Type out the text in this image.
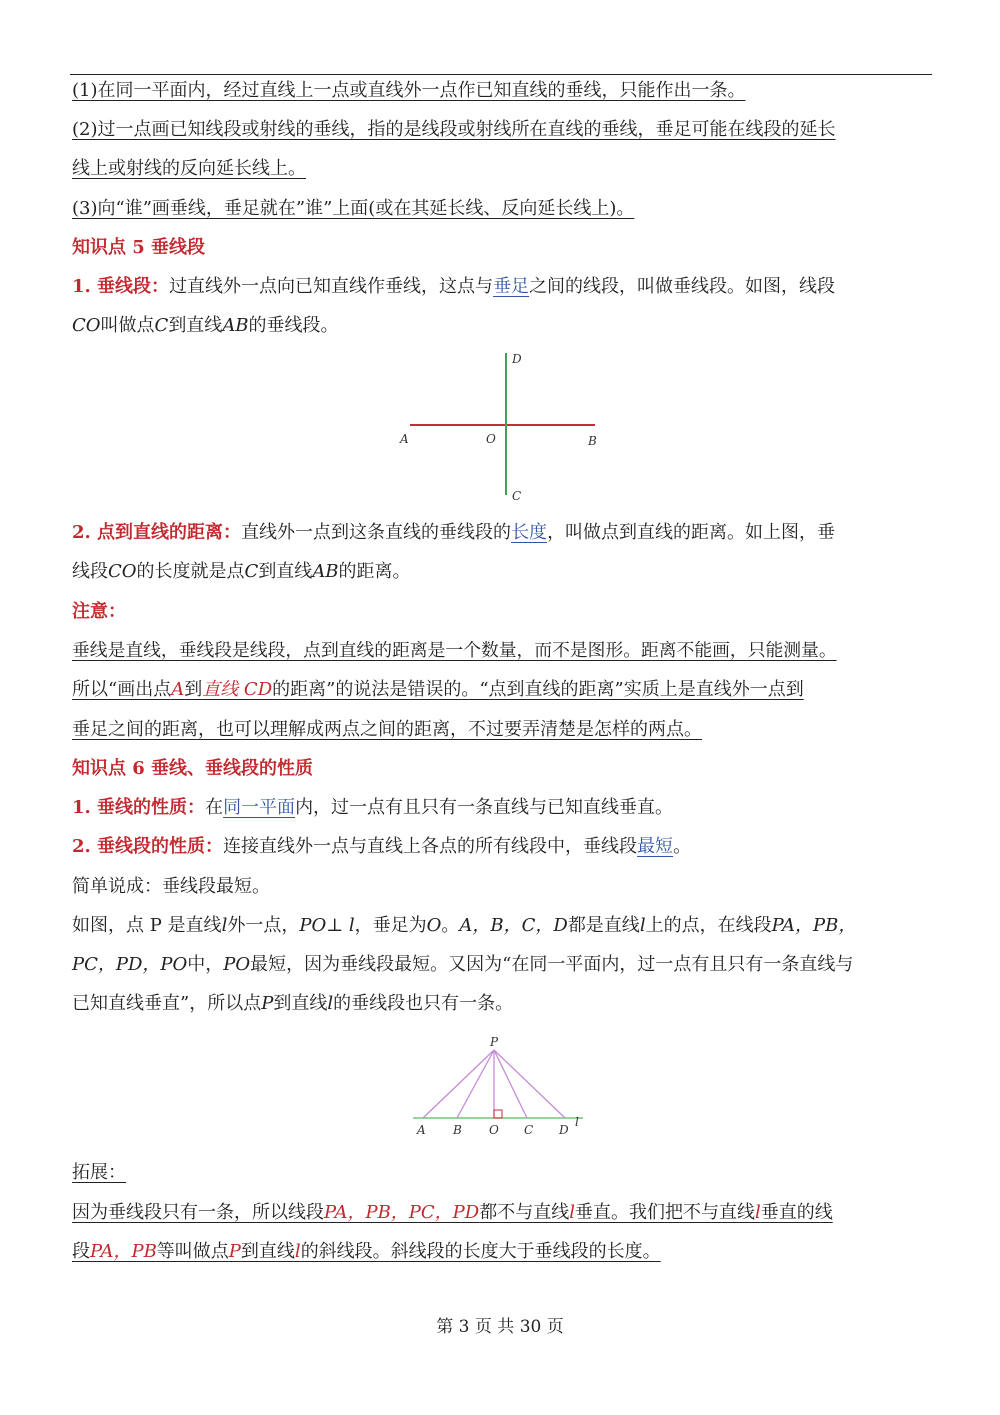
(1)在同一平面内，经过直线上一点或直线外一点作已知直线的垂线，只能作出一条。
(2)过一点画已知线段或射线的垂线，指的是线段或射线所在直线的垂线，垂足可能在线段的延长
线上或射线的反向延长线上。
(3)向“谁”画垂线，垂足就在”谁”上面(或在其延长线、反向延长线上)。
知识点 5 垂线段
1. 垂线段：过直线外一点向已知直线作垂线，这点与垂足之间的线段，叫做垂线段。如图，线段
CO叫做点C到直线AB的垂线段。
D
A	O	B
C
2. 点到直线的距离：直线外一点到这条直线的垂线段的长度，叫做点到直线的距离。如上图，垂
线段CO的长度就是点C到直线AB的距离。
注意：
垂线是直线，垂线段是线段，点到直线的距离是一个数量，而不是图形。距离不能画，只能测量。
所以“画出点A到直线 CD的距离”的说法是错误的。“点到直线的距离”实质上是直线外一点到
垂足之间的距离，也可以理解成两点之间的距离，不过要弄清楚是怎样的两点。
知识点 6 垂线、垂线段的性质
1. 垂线的性质：在同一平面内，过一点有且只有一条直线与已知直线垂直。
2. 垂线段的性质：连接直线外一点与直线上各点的所有线段中，垂线段最短。
简单说成：垂线段最短。
如图，点 P 是直线l外一点，PO⊥ l，垂足为O。A，B，C，D都是直线l上的点，在线段PA，PB，
PC，PD，PO中，PO最短，因为垂线段最短。又因为“在同一平面内，过一点有且只有一条直线与
已知直线垂直”，所以点P到直线l的垂线段也只有一条。
P
A B O C D
l
拓展：
因为垂线段只有一条，所以线段PA，PB，PC，PD都不与直线l垂直。我们把不与直线l垂直的线
段PA，PB等叫做点P到直线l的斜线段。斜线段的长度大于垂线段的长度。
第 3 页 共 30 页
